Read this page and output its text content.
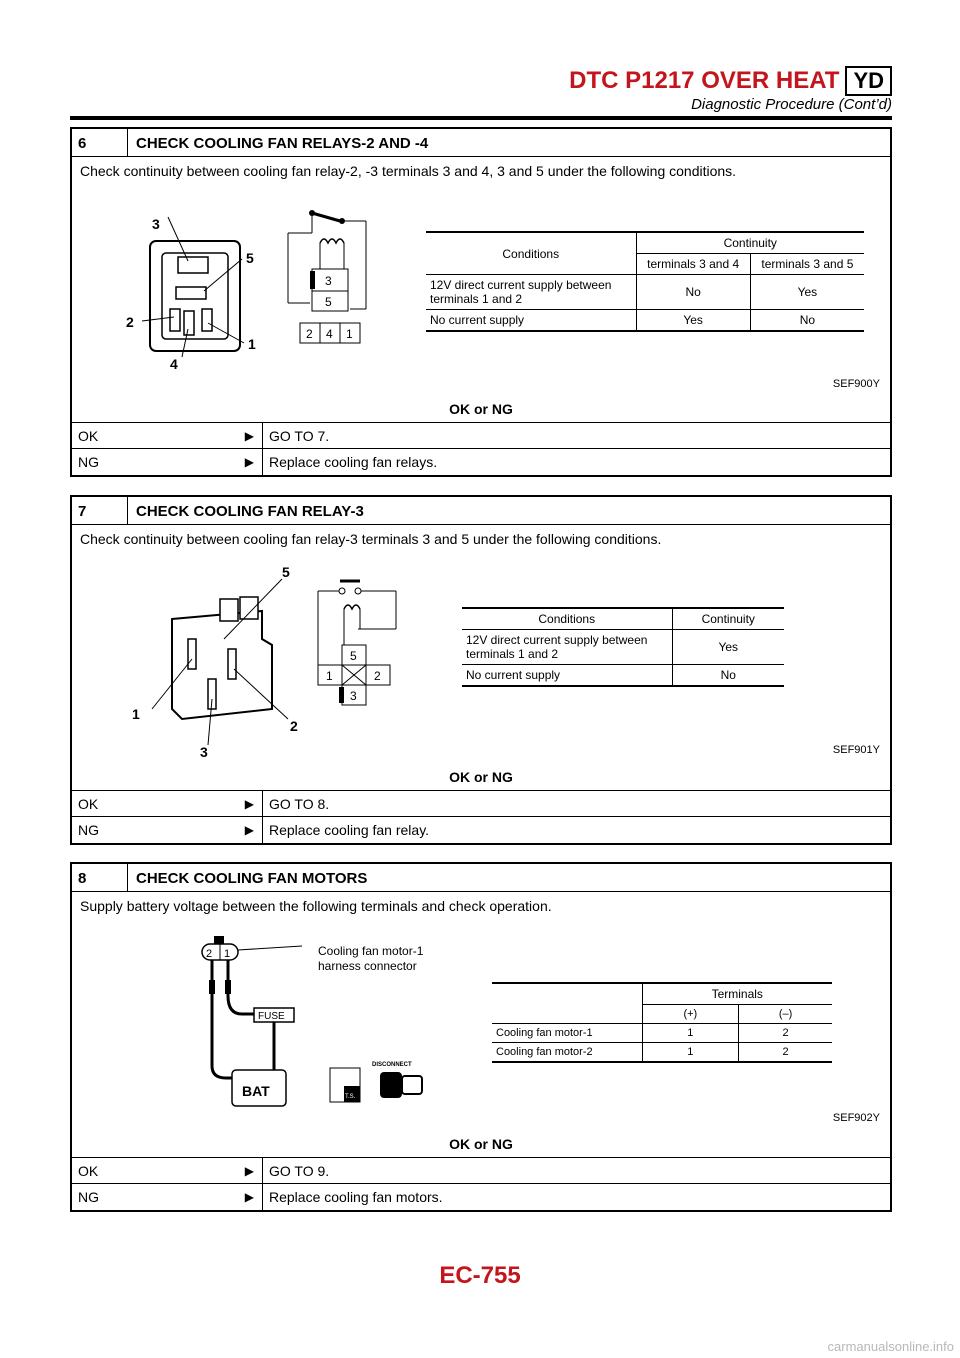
DTC P1217 OVER HEAT YD
Diagnostic Procedure (Cont’d)
6	CHECK COOLING FAN RELAYS-2 AND -4
Check continuity between cooling fan relay-2, -3 terminals 3 and 4, 3 and 5 under the following conditions.
3
5
2
1
4
3
5
2 4 1
Conditions	Continuity	
	terminals 3 and 4	terminals 3 and 5
12V direct current supply between terminals 1 and 2	No	Yes
No current supply	Yes	No
SEF900Y
OK or NG
OK	▶	GO TO 7.
NG	▶	Replace cooling fan relays.
7	CHECK COOLING FAN RELAY-3
Check continuity between cooling fan relay-3 terminals 3 and 5 under the following conditions.
5
1
2
3
5
1	2
3
Conditions	Continuity
12V direct current supply between terminals 1 and 2	Yes
No current supply	No
SEF901Y
OK or NG
OK	▶	GO TO 8.
NG	▶	Replace cooling fan relay.
8	CHECK COOLING FAN MOTORS
Supply battery voltage between the following terminals and check operation.
2 1
FUSE
BAT	T.S.
DISCONNECT
Cooling fan motor-1 harness connector
	Terminals	
	(+)	(–)
Cooling fan motor-1	1	2
Cooling fan motor-2	1	2
SEF902Y
OK or NG
OK	▶	GO TO 9.
NG	▶	Replace cooling fan motors.
EC-755
carmanualsonline.info
